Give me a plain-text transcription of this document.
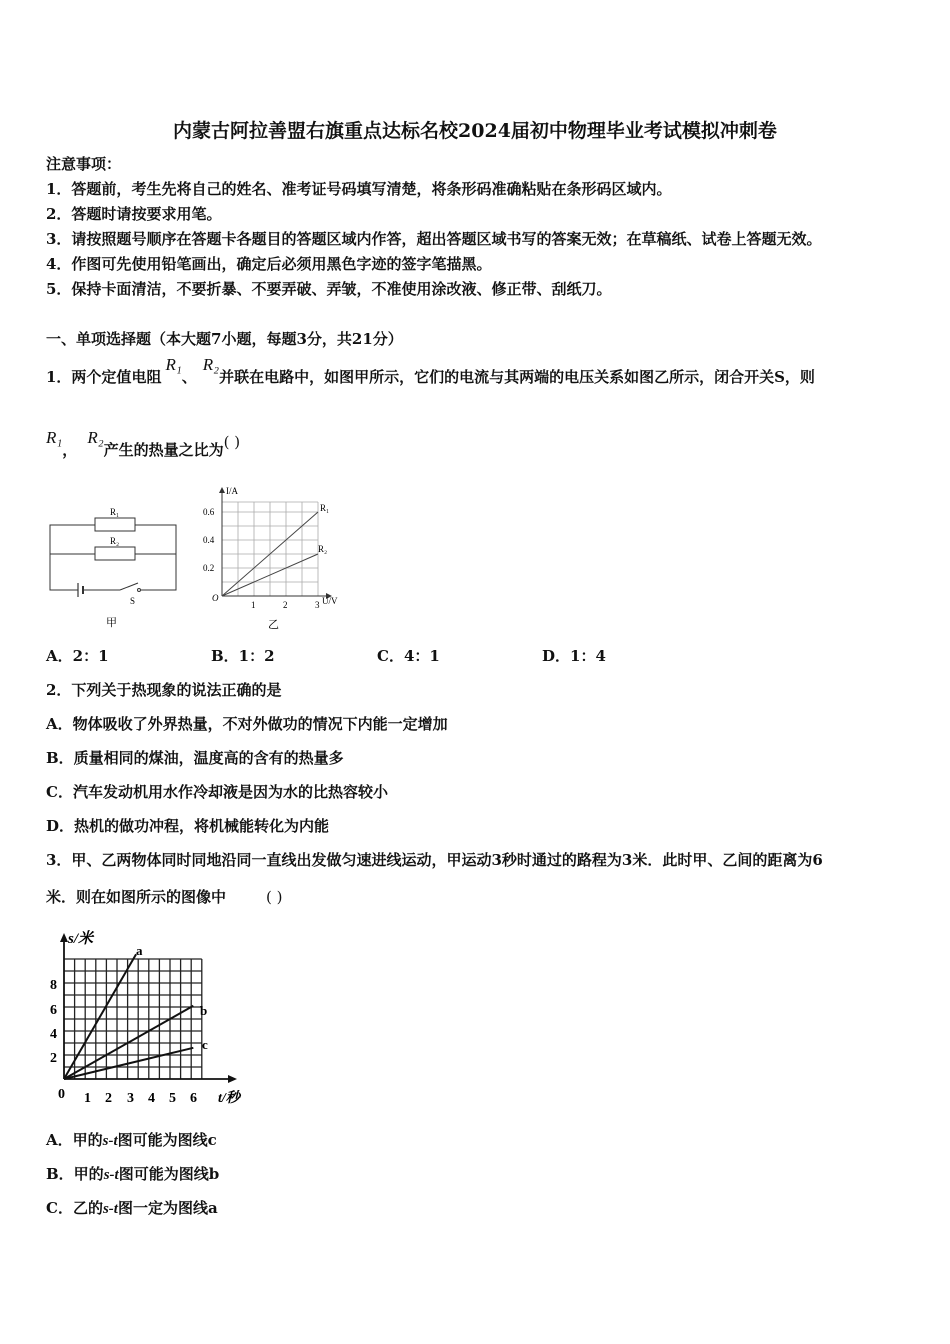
内蒙古阿拉善盟右旗重点达标名校2024届初中物理毕业考试模拟冲刺卷
注意事项：
1．答题前，考生先将自己的姓名、准考证号码填写清楚，将条形码准确粘贴在条形码区域内。
2．答题时请按要求用笔。
3．请按照题号顺序在答题卡各题目的答题区域内作答，超出答题区域书写的答案无效；在草稿纸、试卷上答题无效。
4．作图可先使用铅笔画出，确定后必须用黑色字迹的签字笔描黑。
5．保持卡面清洁，不要折暴、不要弄破、弄皱，不准使用涂改液、修正带、刮纸刀。
一、单项选择题（本大题7小题，每题3分，共21分）
1．两个定值电阻R₁、R₂并联在电路中，如图甲所示，它们的电流与其两端的电压关系如图乙所示，闭合开关S，则
R₁，R₂产生的热量之比为( )
R₁
R₂
S
甲
I/A
U/V
O
0.6
0.4
0.2
1	2	3
R₁
R₂
乙
A．2：1	B．1：2	C．4：1	D．1：4
2．下列关于热现象的说法正确的是
A．物体吸收了外界热量，不对外做功的情况下内能一定增加
B．质量相同的煤油，温度高的含有的热量多
C．汽车发动机用水作冷却液是因为水的比热容较小
D．热机的做功冲程，将机械能转化为内能
3．甲、乙两物体同时同地沿同一直线出发做匀速进线运动，甲运动3秒时通过的路程为3米．此时甲、乙间的距离为6
米．则在如图所示的图像中	( )
s/米
a
b
c
8
6
4
2
0 1 2 3 4 5 6 t/秒
A．甲的s-t图可能为图线c
B．甲的s-t图可能为图线b
C．乙的s-t图一定为图线a
